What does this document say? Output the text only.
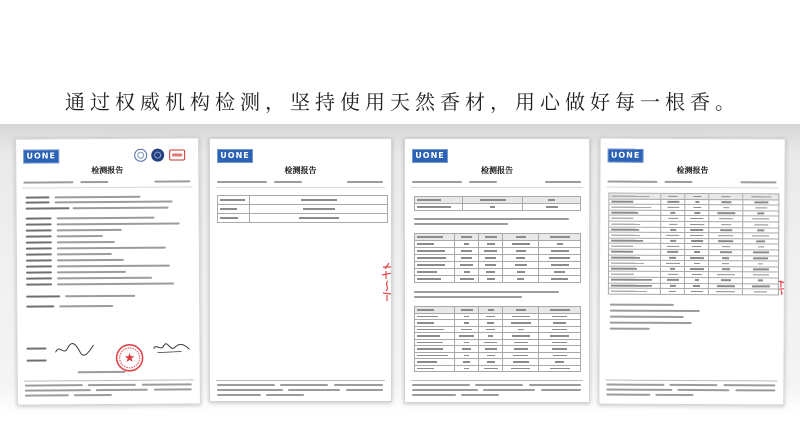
通过权威机构检测，坚持使用天然香材，用心做好每一根香。
UONE
检测报告
UONE
检测报告
UONE
检测报告
UONE
检测报告
